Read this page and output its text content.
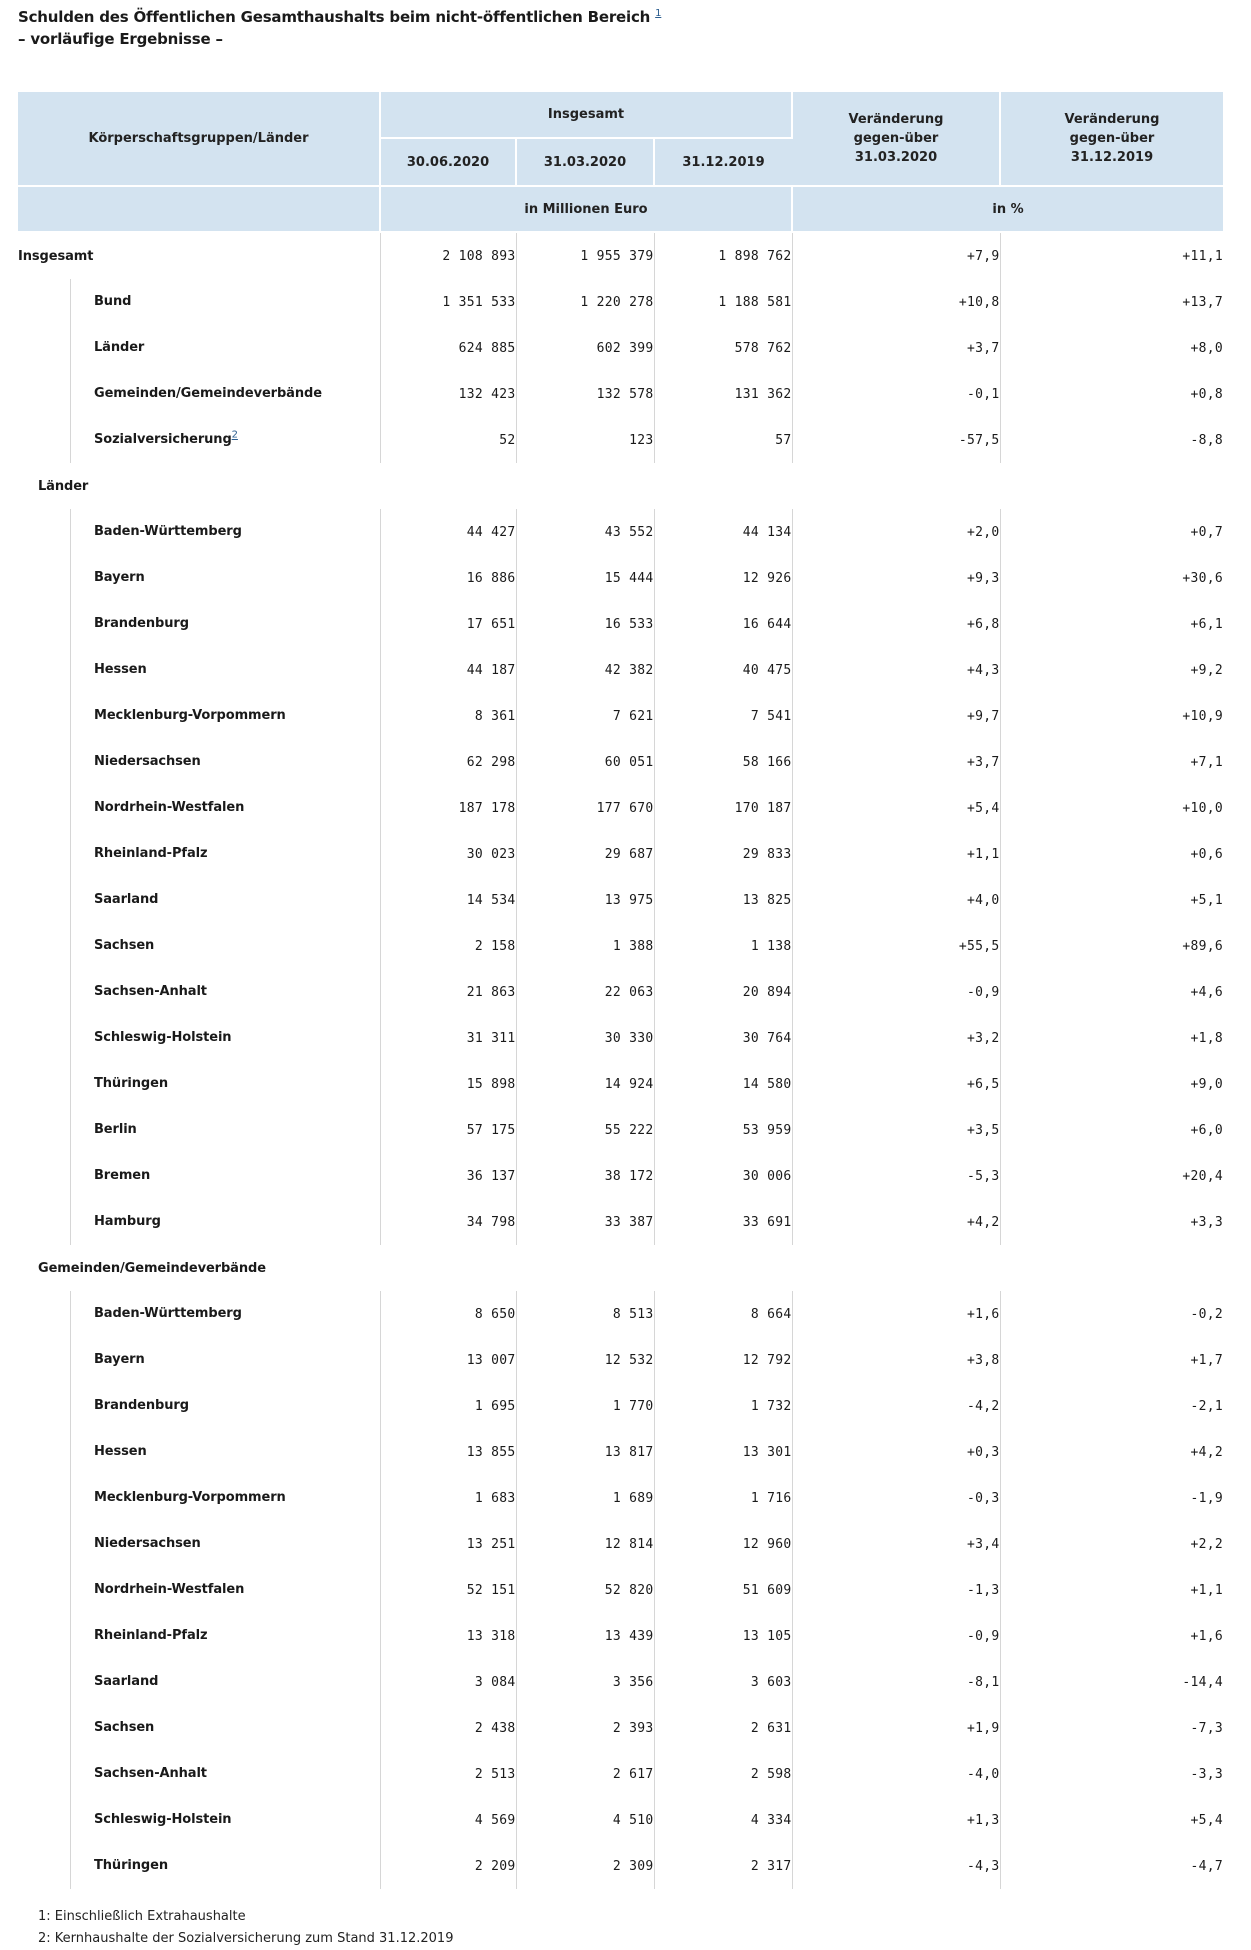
Schulden des Öffentlichen Gesamthaushalts beim nicht-öffentlichen Bereich $^1$
– vorläufige Ergebnisse –
Körperschaftsgruppen/Länder	Insgesamt			Veränderung gegen-über 31.03.2020	Veränderung gegen-über 31.12.2019
	30.06.2020	31.03.2020	31.12.2019		
	in Millionen Euro			in %	
Insgesamt	2 108 893	1 955 379	1 898 762	+7,9	+11,1

Bund	1 351 533	1 220 278	1 188 581	+10,8	+13,7

Länder	624 885	602 399	578 762	+3,7	+8,0

Gemeinden/Gemeindeverbände	132 423	132 578	131 362	-0,1	+0,8

Sozialversicherung$^2$	52	123	57	-57,5	-8,8
Länder					

Baden-Württemberg	44 427	43 552	44 134	+2,0	+0,7

Bayern	16 886	15 444	12 926	+9,3	+30,6

Brandenburg	17 651	16 533	16 644	+6,8	+6,1

Hessen	44 187	42 382	40 475	+4,3	+9,2

Mecklenburg-Vorpommern	8 361	7 621	7 541	+9,7	+10,9

Niedersachsen	62 298	60 051	58 166	+3,7	+7,1

Nordrhein-Westfalen	187 178	177 670	170 187	+5,4	+10,0

Rheinland-Pfalz	30 023	29 687	29 833	+1,1	+0,6

Saarland	14 534	13 975	13 825	+4,0	+5,1

Sachsen	2 158	1 388	1 138	+55,5	+89,6

Sachsen-Anhalt	21 863	22 063	20 894	-0,9	+4,6

Schleswig-Holstein	31 311	30 330	30 764	+3,2	+1,8

Thüringen	15 898	14 924	14 580	+6,5	+9,0

Berlin	57 175	55 222	53 959	+3,5	+6,0

Bremen	36 137	38 172	30 006	-5,3	+20,4

Hamburg	34 798	33 387	33 691	+4,2	+3,3
Gemeinden/Gemeindeverbände					

Baden-Württemberg	8 650	8 513	8 664	+1,6	-0,2

Bayern	13 007	12 532	12 792	+3,8	+1,7

Brandenburg	1 695	1 770	1 732	-4,2	-2,1

Hessen	13 855	13 817	13 301	+0,3	+4,2

Mecklenburg-Vorpommern	1 683	1 689	1 716	-0,3	-1,9

Niedersachsen	13 251	12 814	12 960	+3,4	+2,2

Nordrhein-Westfalen	52 151	52 820	51 609	-1,3	+1,1

Rheinland-Pfalz	13 318	13 439	13 105	-0,9	+1,6

Saarland	3 084	3 356	3 603	-8,1	-14,4

Sachsen	2 438	2 393	2 631	+1,9	-7,3

Sachsen-Anhalt	2 513	2 617	2 598	-4,0	-3,3

Schleswig-Holstein	4 569	4 510	4 334	+1,3	+5,4

Thüringen	2 209	2 309	2 317	-4,3	-4,7
1: Einschließlich Extrahaushalte
2: Kernhaushalte der Sozialversicherung zum Stand 31.12.2019
